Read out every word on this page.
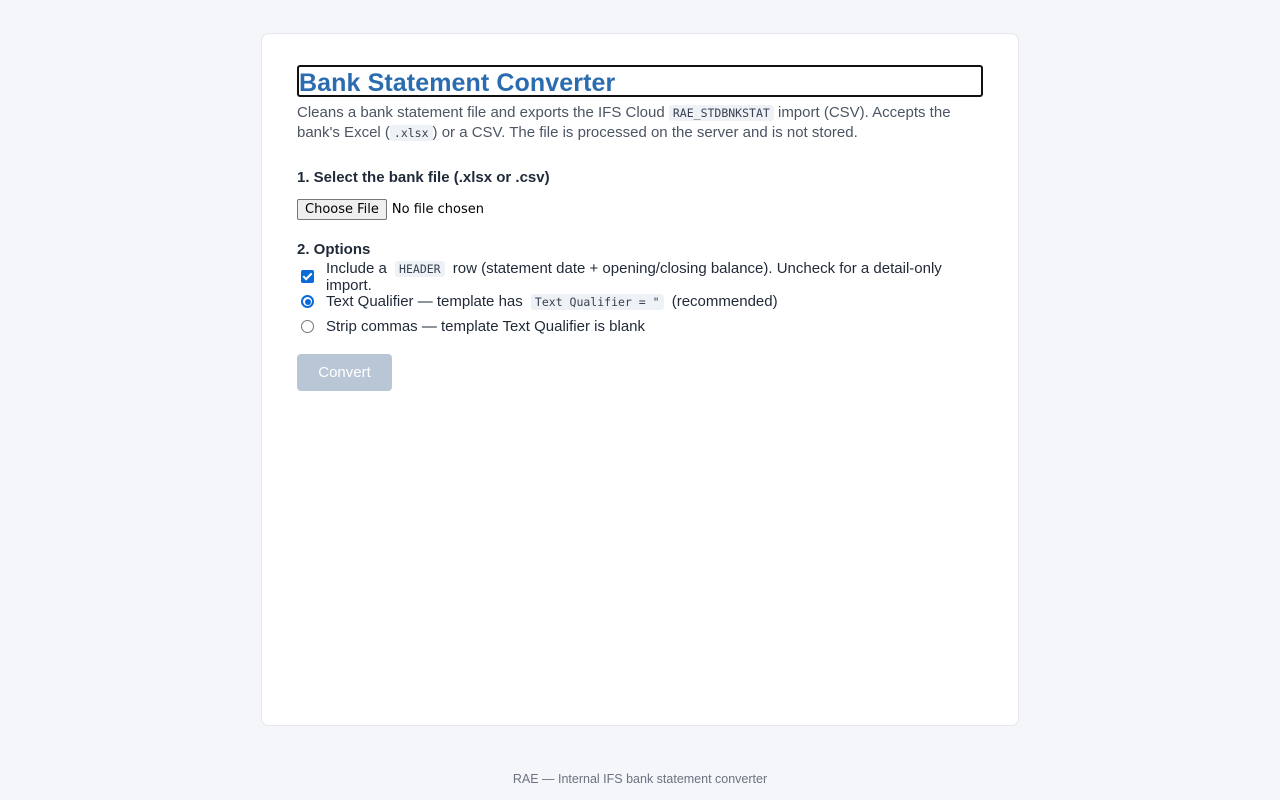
Bank Statement Converter

Cleans a bank statement file and exports the IFS Cloud RAE_STDBNKSTAT import (CSV). Accepts the bank's Excel ( .xlsx ) or a CSV. The file is processed on the server and is not stored.

1. Select the bank file (.xlsx or .csv)
Choose File	No file chosen
2. Options
Include a HEADER row (statement date + opening/closing balance). Uncheck for a detail-only import.
Text Qualifier — template has Text Qualifier = " (recommended)
Strip commas — template Text Qualifier is blank
Convert
RAE — Internal IFS bank statement converter
